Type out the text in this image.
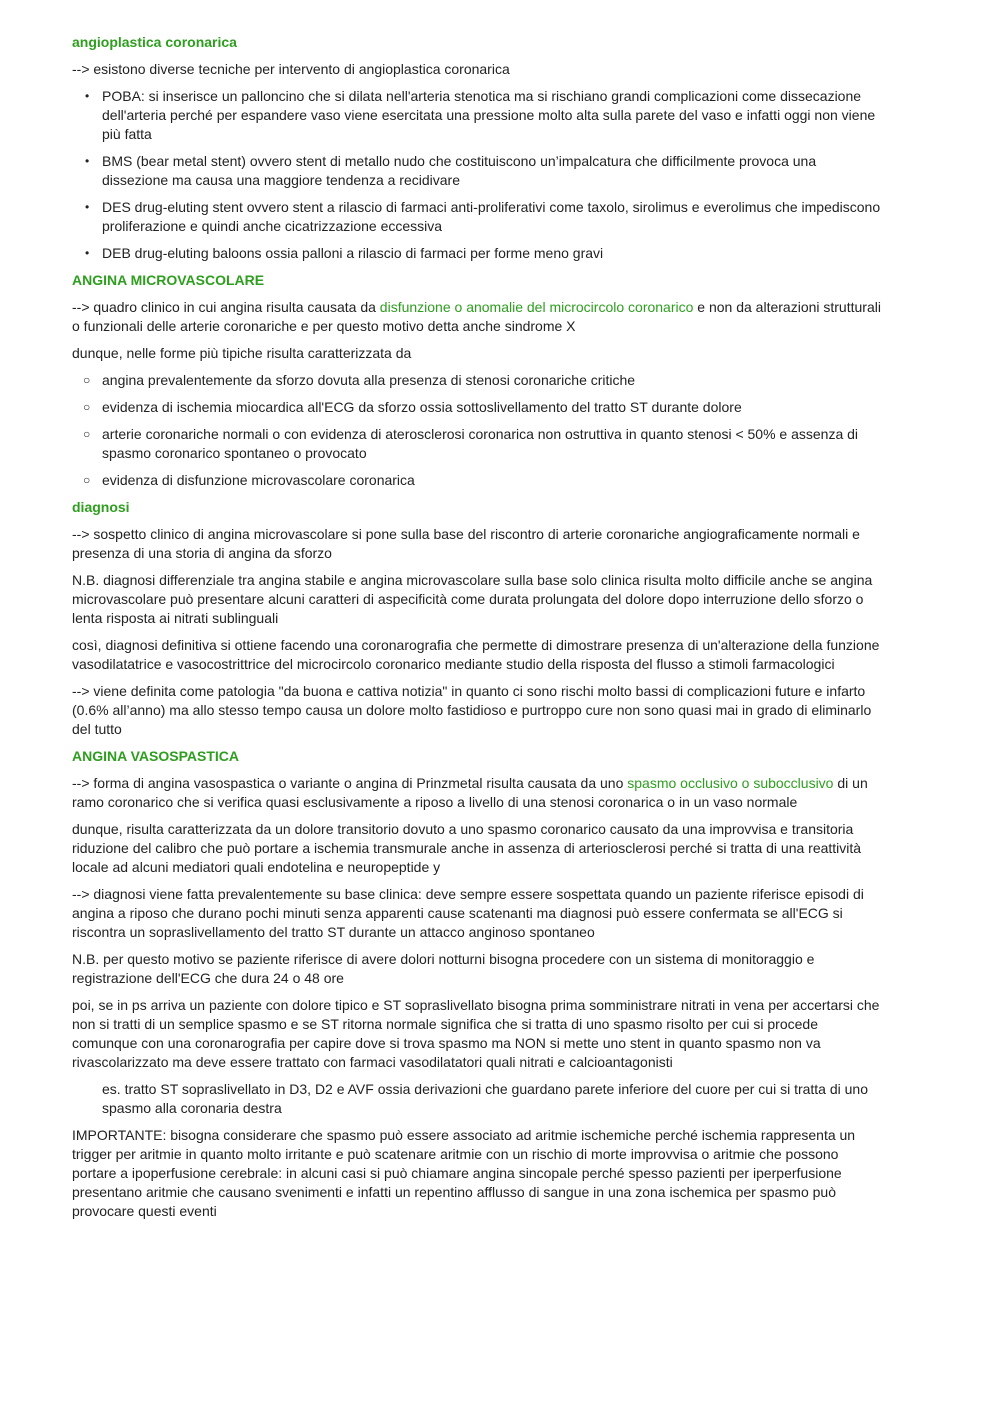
angioplastica coronarica

--> esistono diverse tecniche per intervento di angioplastica coronarica

• POBA: si inserisce un palloncino che si dilata nell'arteria stenotica ma si rischiano grandi complicazioni come dissecazione dell'arteria perché per espandere vaso viene esercitata una pressione molto alta sulla parete del vaso e infatti oggi non viene più fatta
• BMS (bear metal stent) ovvero stent di metallo nudo che costituiscono un’impalcatura che difficilmente provoca una dissezione ma causa una maggiore tendenza a recidivare
• DES drug-eluting stent ovvero stent a rilascio di farmaci anti-proliferativi come taxolo, sirolimus e everolimus che impediscono proliferazione e quindi anche cicatrizzazione eccessiva
• DEB drug-eluting baloons ossia palloni a rilascio di farmaci per forme meno gravi
ANGINA MICROVASCOLARE

--> quadro clinico in cui angina risulta causata da disfunzione o anomalie del microcircolo coronarico e non da alterazioni strutturali o funzionali delle arterie coronariche e per questo motivo detta anche sindrome X

dunque, nelle forme più tipiche risulta caratterizzata da

○ angina prevalentemente da sforzo dovuta alla presenza di stenosi coronariche critiche
○ evidenza di ischemia miocardica all'ECG da sforzo ossia sottoslivellamento del tratto ST durante dolore
○ arterie coronariche normali o con evidenza di aterosclerosi coronarica non ostruttiva in quanto stenosi < 50% e assenza di spasmo coronarico spontaneo o provocato
○ evidenza di disfunzione microvascolare coronarica
diagnosi

--> sospetto clinico di angina microvascolare si pone sulla base del riscontro di arterie coronariche angiograficamente normali e presenza di una storia di angina da sforzo

N.B. diagnosi differenziale tra angina stabile e angina microvascolare sulla base solo clinica risulta molto difficile anche se angina microvascolare può presentare alcuni caratteri di aspecificità come durata prolungata del dolore dopo interruzione dello sforzo o lenta risposta ai nitrati sublinguali

così, diagnosi definitiva si ottiene facendo una coronarografia che permette di dimostrare presenza di un'alterazione della funzione vasodilatatrice e vasocostrittrice del microcircolo coronarico mediante studio della risposta del flusso a stimoli farmacologici

--> viene definita come patologia "da buona e cattiva notizia" in quanto ci sono rischi molto bassi di complicazioni future e infarto (0.6% all’anno) ma allo stesso tempo causa un dolore molto fastidioso e purtroppo cure non sono quasi mai in grado di eliminarlo del tutto

ANGINA VASOSPASTICA

--> forma di angina vasospastica o variante o angina di Prinzmetal risulta causata da uno spasmo occlusivo o subocclusivo di un ramo coronarico che si verifica quasi esclusivamente a riposo a livello di una stenosi coronarica o in un vaso normale

dunque, risulta caratterizzata da un dolore transitorio dovuto a uno spasmo coronarico causato da una improvvisa e transitoria riduzione del calibro che può portare a ischemia transmurale anche in assenza di arteriosclerosi perché si tratta di una reattività locale ad alcuni mediatori quali endotelina e neuropeptide y

--> diagnosi viene fatta prevalentemente su base clinica: deve sempre essere sospettata quando un paziente riferisce episodi di angina a riposo che durano pochi minuti senza apparenti cause scatenanti ma diagnosi può essere confermata se all'ECG si riscontra un sopraslivellamento del tratto ST durante un attacco anginoso spontaneo

N.B. per questo motivo se paziente riferisce di avere dolori notturni bisogna procedere con un sistema di monitoraggio e registrazione dell'ECG che dura 24 o 48 ore

poi, se in ps arriva un paziente con dolore tipico e ST sopraslivellato bisogna prima somministrare nitrati in vena per accertarsi che non si tratti di un semplice spasmo e se ST ritorna normale significa che si tratta di uno spasmo risolto per cui si procede comunque con una coronarografia per capire dove si trova spasmo ma NON si mette uno stent in quanto spasmo non va rivascolarizzato ma deve essere trattato con farmaci vasodilatatori quali nitrati e calcioantagonisti

es. tratto ST sopraslivellato in D3, D2 e AVF ossia derivazioni che guardano parete inferiore del cuore per cui si tratta di uno spasmo alla coronaria destra

IMPORTANTE: bisogna considerare che spasmo può essere associato ad aritmie ischemiche perché ischemia rappresenta un trigger per aritmie in quanto molto irritante e può scatenare aritmie con un rischio di morte improvvisa o aritmie che possono portare a ipoperfusione cerebrale: in alcuni casi si può chiamare angina sincopale perché spesso pazienti per iperperfusione presentano aritmie che causano svenimenti e infatti un repentino afflusso di sangue in una zona ischemica per spasmo può provocare questi eventi
